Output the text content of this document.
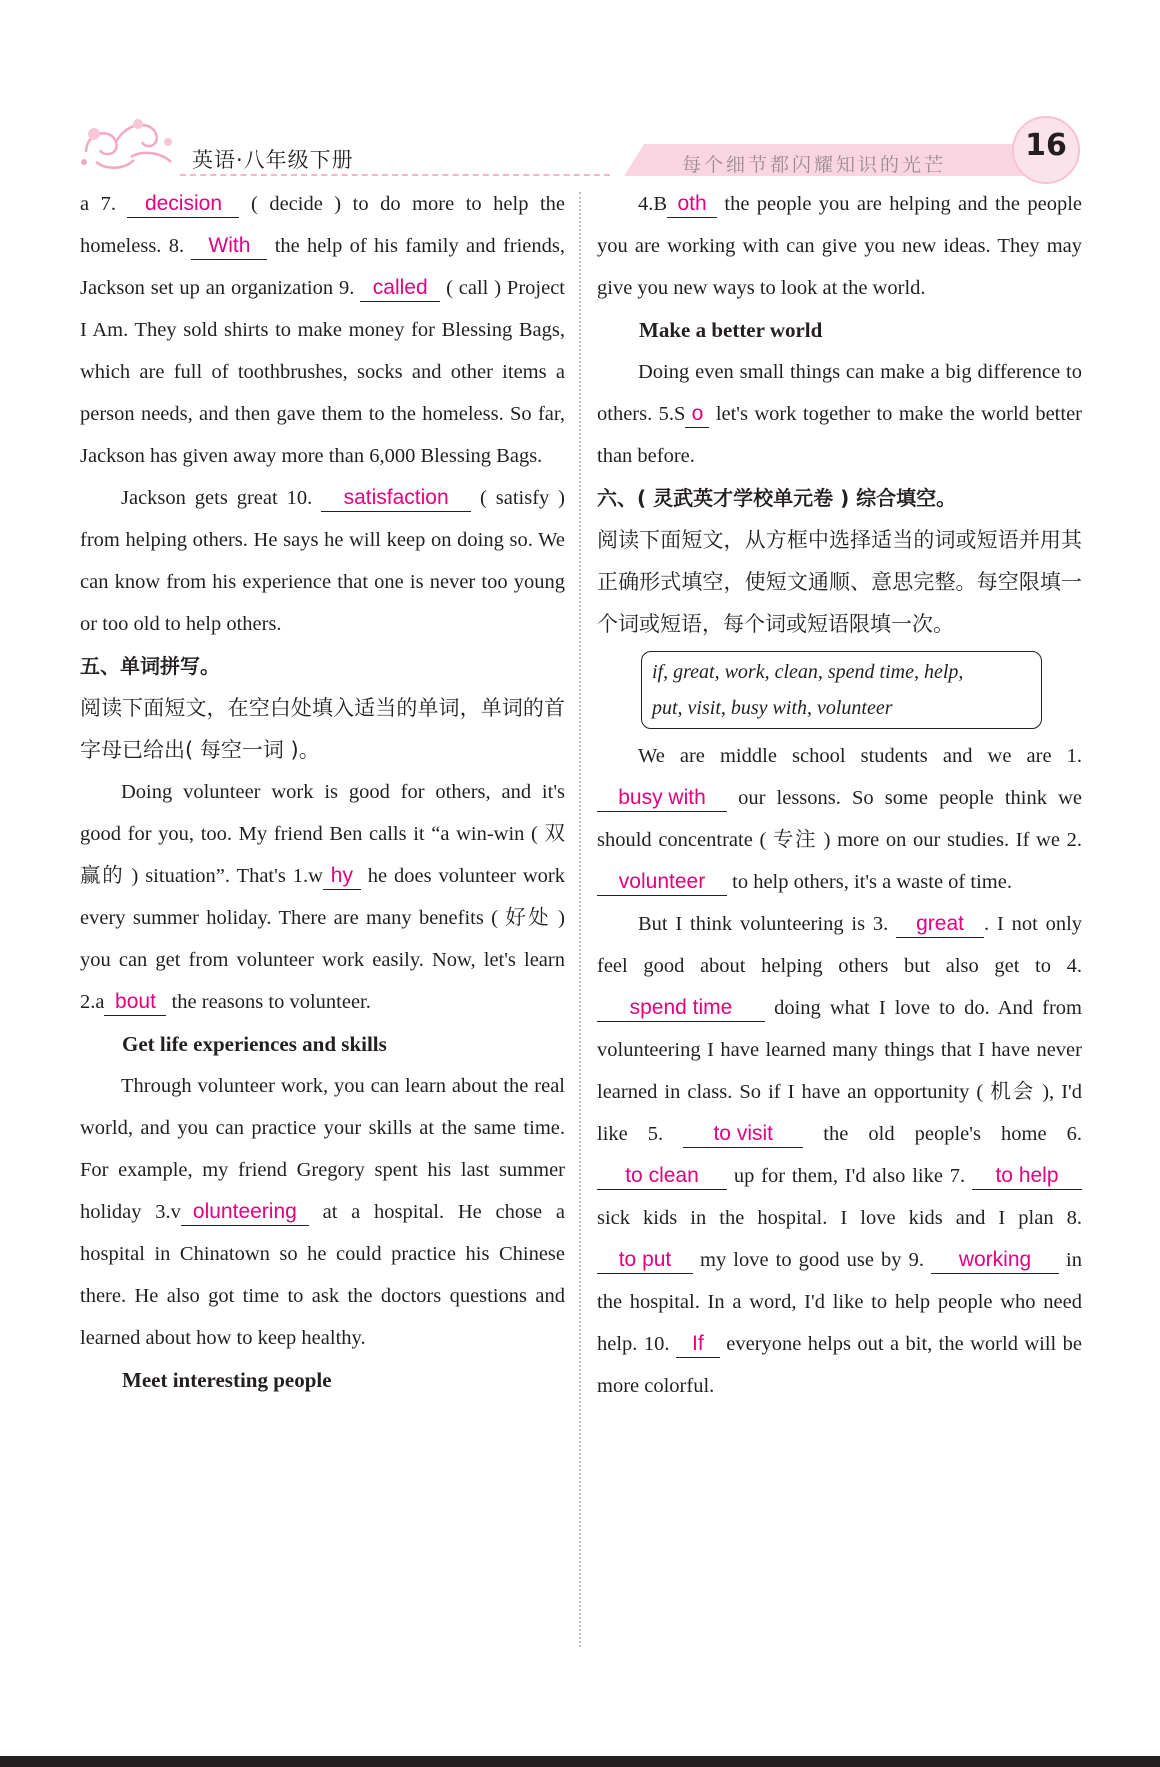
英语·八年级下册	每个细节都闪耀知识的光芒
16

a 7. decision ( decide ) to do more to help the homeless. 8. With the help of his family and friends, Jackson set up an organization 9. called ( call ) Project I Am. They sold shirts to make money for Blessing Bags, which are full of toothbrushes, socks and other items a person needs, and then gave them to the homeless. So far, Jackson has given away more than 6,000 Blessing Bags.

Jackson gets great 10. satisfaction ( satisfy ) from helping others. He says he will keep on doing so. We can know from his experience that one is never too young or too old to help others.

五、单词拼写。

阅读下面短文，在空白处填入适当的单词，单词的首字母已给出( 每空一词 )。

Doing volunteer work is good for others, and it's good for you, too. My friend Ben calls it “a win-win ( 双赢的 ) situation”. That's 1.w hy he does volunteer work every summer holiday. There are many benefits ( 好处 ) you can get from volunteer work easily. Now, let's learn 2.a bout the reasons to volunteer.

Get life experiences and skills

Through volunteer work, you can learn about the real world, and you can practice your skills at the same time. For example, my friend Gregory spent his last summer holiday 3.v olunteering at a hospital. He chose a hospital in Chinatown so he could practice his Chinese there. He also got time to ask the doctors questions and learned about how to keep healthy.

Meet interesting people

4.B oth the people you are helping and the people you are working with can give you new ideas. They may give you new ways to look at the world.

Make a better world

Doing even small things can make a big difference to others. 5.S o let's work together to make the world better than before.

六、( 灵武英才学校单元卷 ) 综合填空。

阅读下面短文，从方框中选择适当的词或短语并用其正确形式填空，使短文通顺、意思完整。每空限填一个词或短语，每个词或短语限填一次。

if, great, work, clean, spend time, help,
put, visit, busy with, volunteer

We are middle school students and we are 1. busy with our lessons. So some people think we should concentrate ( 专注 ) more on our studies. If we 2. volunteer to help others, it's a waste of time.

But I think volunteering is 3. great . I not only feel good about helping others but also get to 4. spend time doing what I love to do. And from volunteering I have learned many things that I have never learned in class. So if I have an opportunity ( 机会 ), I'd like 5. to visit the old people's home 6. to clean up for them, I'd also like 7. to help sick kids in the hospital. I love kids and I plan 8. to put my love to good use by 9. working in the hospital. In a word, I'd like to help people who need help. 10. If everyone helps out a bit, the world will be more colorful.
